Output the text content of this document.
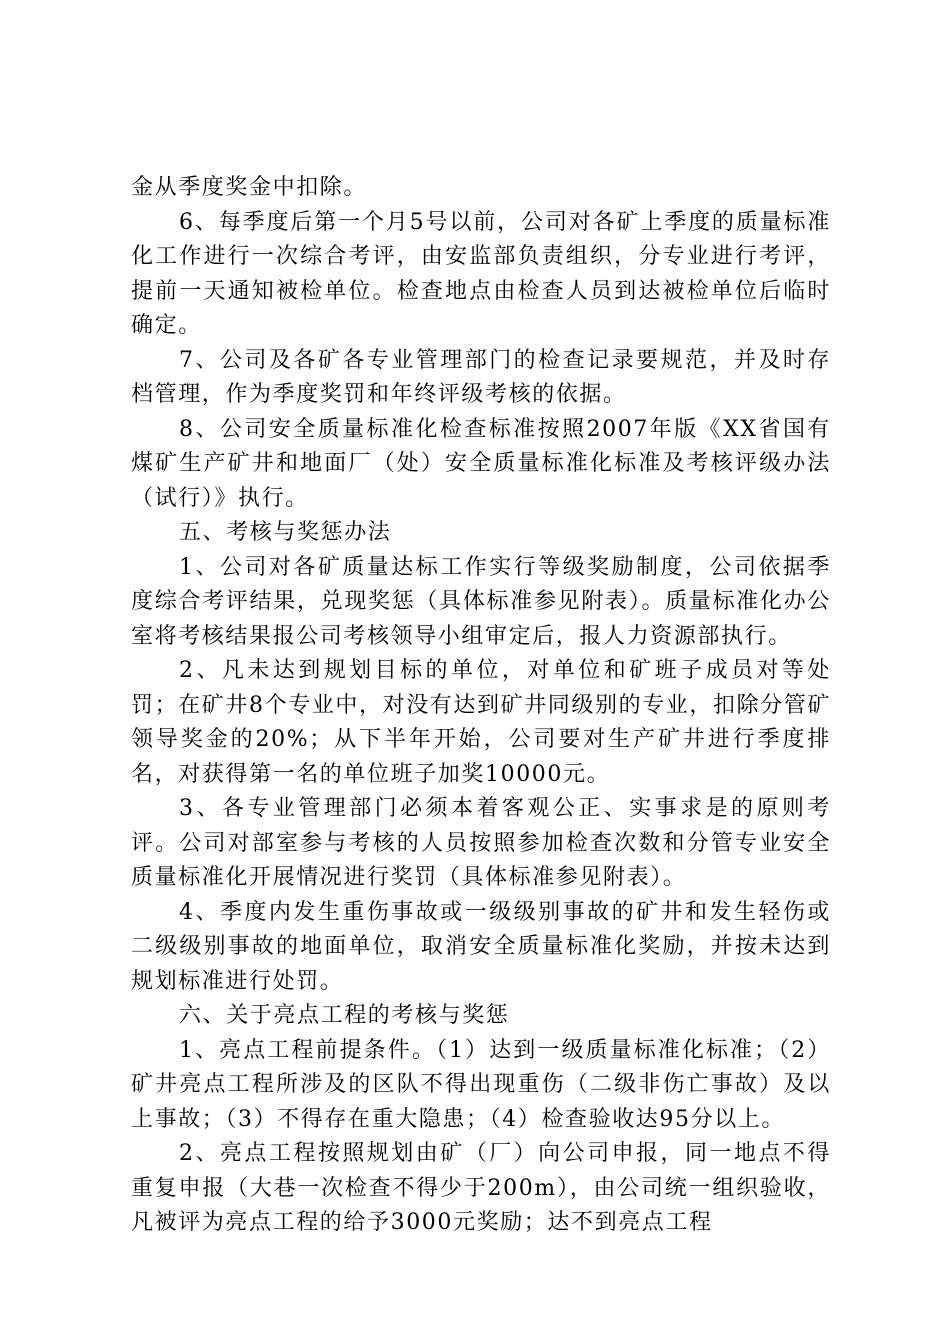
金从季度奖金中扣除。

6、每季度后第一个月5号以前，公司对各矿上季度的质量标准化工作进行一次综合考评，由安监部负责组织，分专业进行考评，提前一天通知被检单位。检查地点由检查人员到达被检单位后临时确定。

7、公司及各矿各专业管理部门的检查记录要规范，并及时存档管理，作为季度奖罚和年终评级考核的依据。

8、公司安全质量标准化检查标准按照2007年版《XX省国有煤矿生产矿井和地面厂（处）安全质量标准化标准及考核评级办法（试行）》执行。

五、考核与奖惩办法

1、公司对各矿质量达标工作实行等级奖励制度，公司依据季度综合考评结果，兑现奖惩（具体标准参见附表）。质量标准化办公室将考核结果报公司考核领导小组审定后，报人力资源部执行。

2、凡未达到规划目标的单位，对单位和矿班子成员对等处罚；在矿井8个专业中，对没有达到矿井同级别的专业，扣除分管矿领导奖金的20%；从下半年开始，公司要对生产矿井进行季度排名，对获得第一名的单位班子加奖10000元。

3、各专业管理部门必须本着客观公正、实事求是的原则考评。公司对部室参与考核的人员按照参加检查次数和分管专业安全质量标准化开展情况进行奖罚（具体标准参见附表）。

4、季度内发生重伤事故或一级级别事故的矿井和发生轻伤或二级级别事故的地面单位，取消安全质量标准化奖励，并按未达到规划标准进行处罚。

六、关于亮点工程的考核与奖惩

1、亮点工程前提条件。（1）达到一级质量标准化标准；（2）矿井亮点工程所涉及的区队不得出现重伤（二级非伤亡事故）及以上事故；（3）不得存在重大隐患；（4）检查验收达95分以上。

2、亮点工程按照规划由矿（厂）向公司申报，同一地点不得重复申报（大巷一次检查不得少于200m），由公司统一组织验收，凡被评为亮点工程的给予3000元奖励；达不到亮点工程
